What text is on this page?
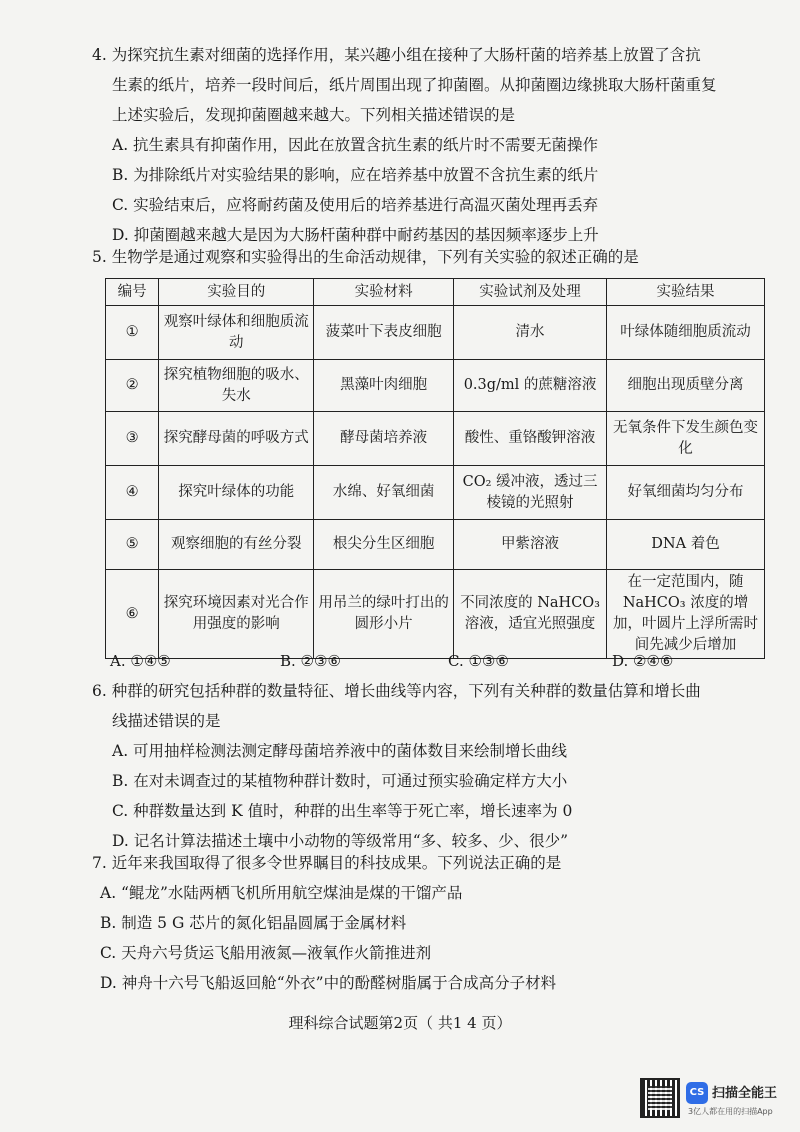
4. 为探究抗生素对细菌的选择作用，某兴趣小组在接种了大肠杆菌的培养基上放置了含抗

生素的纸片，培养一段时间后，纸片周围出现了抑菌圈。从抑菌圈边缘挑取大肠杆菌重复

上述实验后，发现抑菌圈越来越大。下列相关描述错误的是

A. 抗生素具有抑菌作用，因此在放置含抗生素的纸片时不需要无菌操作

B. 为排除纸片对实验结果的影响，应在培养基中放置不含抗生素的纸片

C. 实验结束后，应将耐药菌及使用后的培养基进行高温灭菌处理再丢弃

D. 抑菌圈越来越大是因为大肠杆菌种群中耐药基因的基因频率逐步上升

5. 生物学是通过观察和实验得出的生命活动规律，下列有关实验的叙述正确的是

编号	实验目的	实验材料	实验试剂及处理	实验结果
①	观察叶绿体和细胞质流动	菠菜叶下表皮细胞	清水	叶绿体随细胞质流动
②	探究植物细胞的吸水、失水	黑藻叶肉细胞	0.3g/ml 的蔗糖溶液	细胞出现质壁分离
③	探究酵母菌的呼吸方式	酵母菌培养液	酸性、重铬酸钾溶液	无氧条件下发生颜色变化
④	探究叶绿体的功能	水绵、好氧细菌	CO₂ 缓冲液，透过三棱镜的光照射	好氧细菌均匀分布
⑤	观察细胞的有丝分裂	根尖分生区细胞	甲紫溶液	DNA 着色
⑥	探究环境因素对光合作用强度的影响	用吊兰的绿叶打出的圆形小片	不同浓度的 NaHCO₃ 溶液，适宜光照强度	在一定范围内，随 NaHCO₃ 浓度的增加，叶圆片上浮所需时间先减少后增加
A. ①④⑤	B. ②③⑥	C. ①③⑥	D. ②④⑥

6. 种群的研究包括种群的数量特征、增长曲线等内容，下列有关种群的数量估算和增长曲

线描述错误的是

A. 可用抽样检测法测定酵母菌培养液中的菌体数目来绘制增长曲线

B. 在对未调查过的某植物种群计数时，可通过预实验确定样方大小

C. 种群数量达到 K 值时，种群的出生率等于死亡率，增长速率为 0

D. 记名计算法描述土壤中小动物的等级常用“多、较多、少、很少”

7. 近年来我国取得了很多令世界瞩目的科技成果。下列说法正确的是

A. “鲲龙”水陆两栖飞机所用航空煤油是煤的干馏产品

B. 制造 5 G 芯片的氮化铝晶圆属于金属材料

C. 天舟六号货运飞船用液氮—液氧作火箭推进剂

D. 神舟十六号飞船返回舱“外衣”中的酚醛树脂属于合成高分子材料

理科综合试题第2页（ 共1 4 页）
CS 扫描全能王
3亿人都在用的扫描App
